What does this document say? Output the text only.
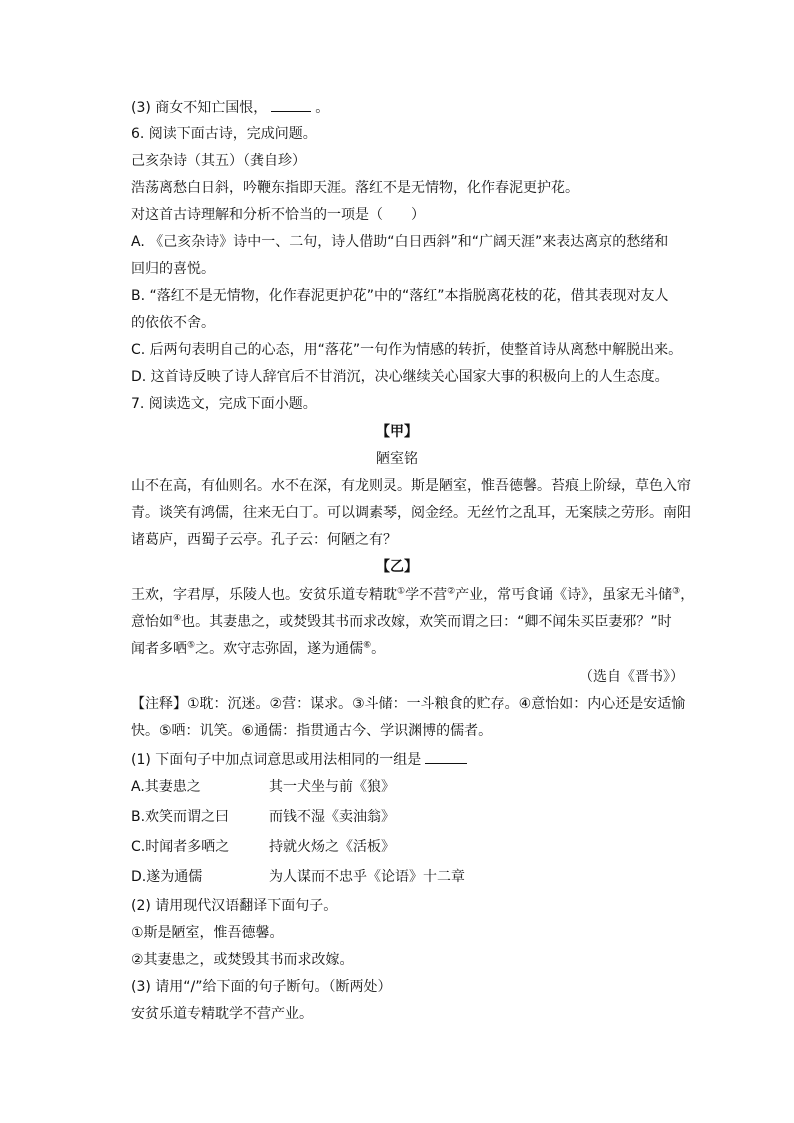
(3) 商女不知亡国恨，	。

6. 阅读下面古诗，完成问题。

己亥杂诗（其五）（龚自珍）

浩荡离愁白日斜，吟鞭东指即天涯。落红不是无情物，化作春泥更护花。

对这首古诗理解和分析不恰当的一项是（　　）

A. 《己亥杂诗》诗中一、二句，诗人借助“白日西斜”和“广阔天涯”来表达离京的愁绪和

回归的喜悦。

B. “落红不是无情物，化作春泥更护花”中的“落红”本指脱离花枝的花，借其表现对友人

的依依不舍。

C. 后两句表明自己的心态，用“落花”一句作为情感的转折，使整首诗从离愁中解脱出来。

D. 这首诗反映了诗人辞官后不甘消沉，决心继续关心国家大事的积极向上的人生态度。

7. 阅读选文，完成下面小题。

【甲】

陋室铭

山不在高，有仙则名。水不在深，有龙则灵。斯是陋室，惟吾德馨。苔痕上阶绿，草色入帘

青。谈笑有鸿儒，往来无白丁。可以调素琴，阅金经。无丝竹之乱耳，无案牍之劳形。南阳

诸葛庐，西蜀子云亭。孔子云：何陋之有？

【乙】

王欢，字君厚，乐陵人也。安贫乐道专精耽①学不营②产业，常丐食诵《诗》，虽家无斗储③，

意怡如④也。其妻患之，或焚毁其书而求改嫁，欢笑而谓之曰：“卿不闻朱买臣妻邪？”时

闻者多哂⑤之。欢守志弥固，遂为通儒⑥。

（选自《晋书》）

【注释】①耽：沉迷。②营：谋求。③斗储：一斗粮食的贮存。④意怡如：内心还是安适愉

快。⑤哂：讥笑。⑥通儒：指贯通古今、学识渊博的儒者。

(1) 下面句子中加点词意思或用法相同的一组是

A.其妻患之	其一犬坐与前《狼》

B.欢笑而谓之曰	而钱不湿《卖油翁》

C.时闻者多哂之	持就火炀之《活板》

D.遂为通儒	为人谋而不忠乎《论语》十二章

(2) 请用现代汉语翻译下面句子。

①斯是陋室，惟吾德馨。

②其妻患之，或焚毁其书而求改嫁。

(3) 请用“/”给下面的句子断句。（断两处）

安贫乐道专精耽学不营产业。
